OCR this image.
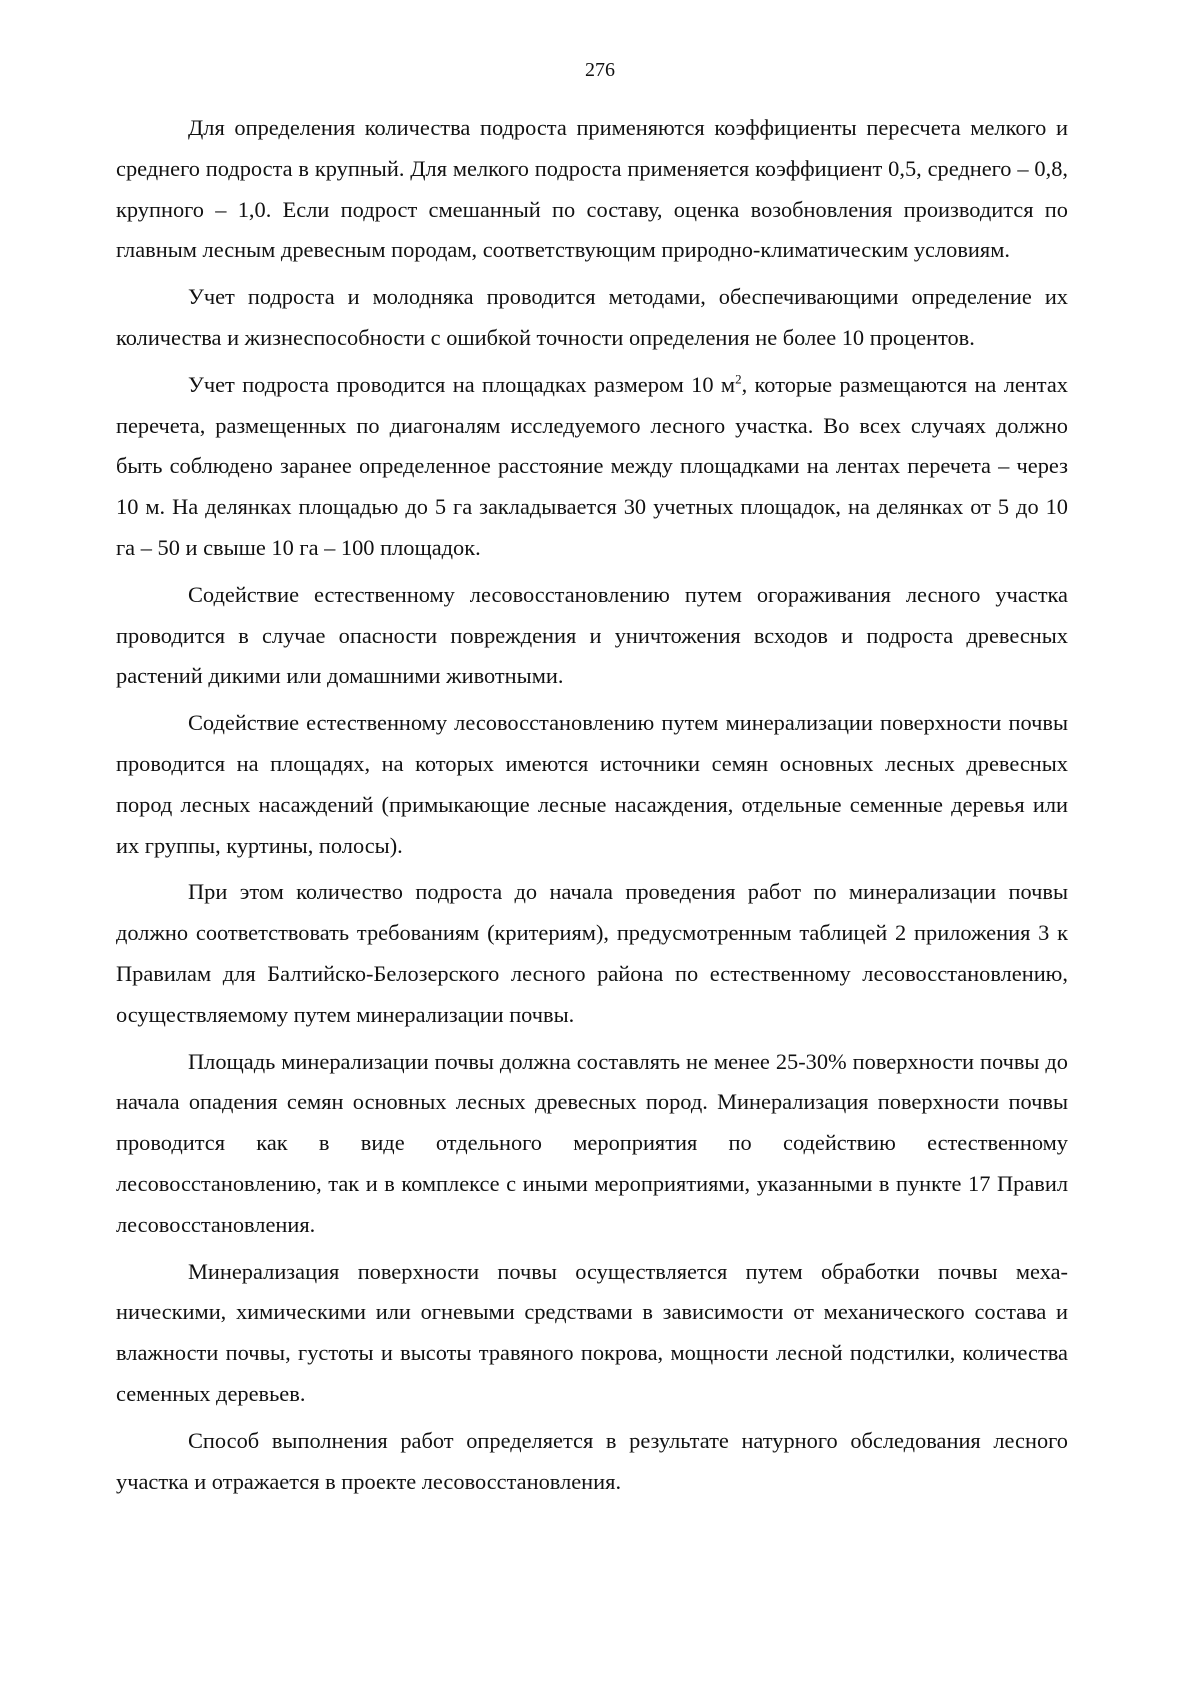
276

Для определения количества подроста применяются коэффициенты пересчета мелкого и среднего подроста в крупный. Для мелкого подроста применяется коэффициент 0,5, среднего – 0,8, крупного – 1,0. Если подрост смешанный по составу, оценка возобновления производится по главным лесным древесным породам, соответствующим природно-климатическим условиям.

Учет подроста и молодняка проводится методами, обеспечивающими определение их количества и жизнеспособности с ошибкой точности определения не более 10 процентов.

Учет подроста проводится на площадках размером 10 $м^2$, которые размещаются на лентах перечета, размещенных по диагоналям исследуемого лесного участка. Во всех случаях должно быть соблюдено заранее определенное расстояние между площадками на лентах перечета – через 10 м. На делянках площадью до 5 га закладывается 30 учетных площадок, на делянках от 5 до 10 га – 50 и свыше 10 га – 100 площадок.

Содействие естественному лесовосстановлению путем огораживания лесного участка проводится в случае опасности повреждения и уничтожения всходов и подроста древесных растений дикими или домашними животными.

Содействие естественному лесовосстановлению путем минерализации поверхности почвы проводится на площадях, на которых имеются источники семян основных лесных древесных пород лесных насаждений (примыкающие лесные насаждения, отдельные семенные деревья или их группы, куртины, полосы).

При этом количество подроста до начала проведения работ по минерализации почвы должно соответствовать требованиям (критериям), предусмотренным таблицей 2 приложения 3 к Правилам для Балтийско-Белозерского лесного района по естественному лесовосстановлению, осуществляемому путем минерализации почвы.

Площадь минерализации почвы должна составлять не менее 25-30% поверхности почвы до начала опадения семян основных лесных древесных пород. Минерализация поверхности почвы проводится как в виде отдельного мероприятия по содействию естественному лесовосстановлению, так и в комплексе с иными мероприятиями, указанными в пункте 17 Правил лесовосстановления.

Минерализация поверхности почвы осуществляется путем обработки почвы механическими, химическими или огневыми средствами в зависимости от механического состава и влажности почвы, густоты и высоты травяного покрова, мощности лесной подстилки, количества семенных деревьев.

Способ выполнения работ определяется в результате натурного обследования лесного участка и отражается в проекте лесовосстановления.
